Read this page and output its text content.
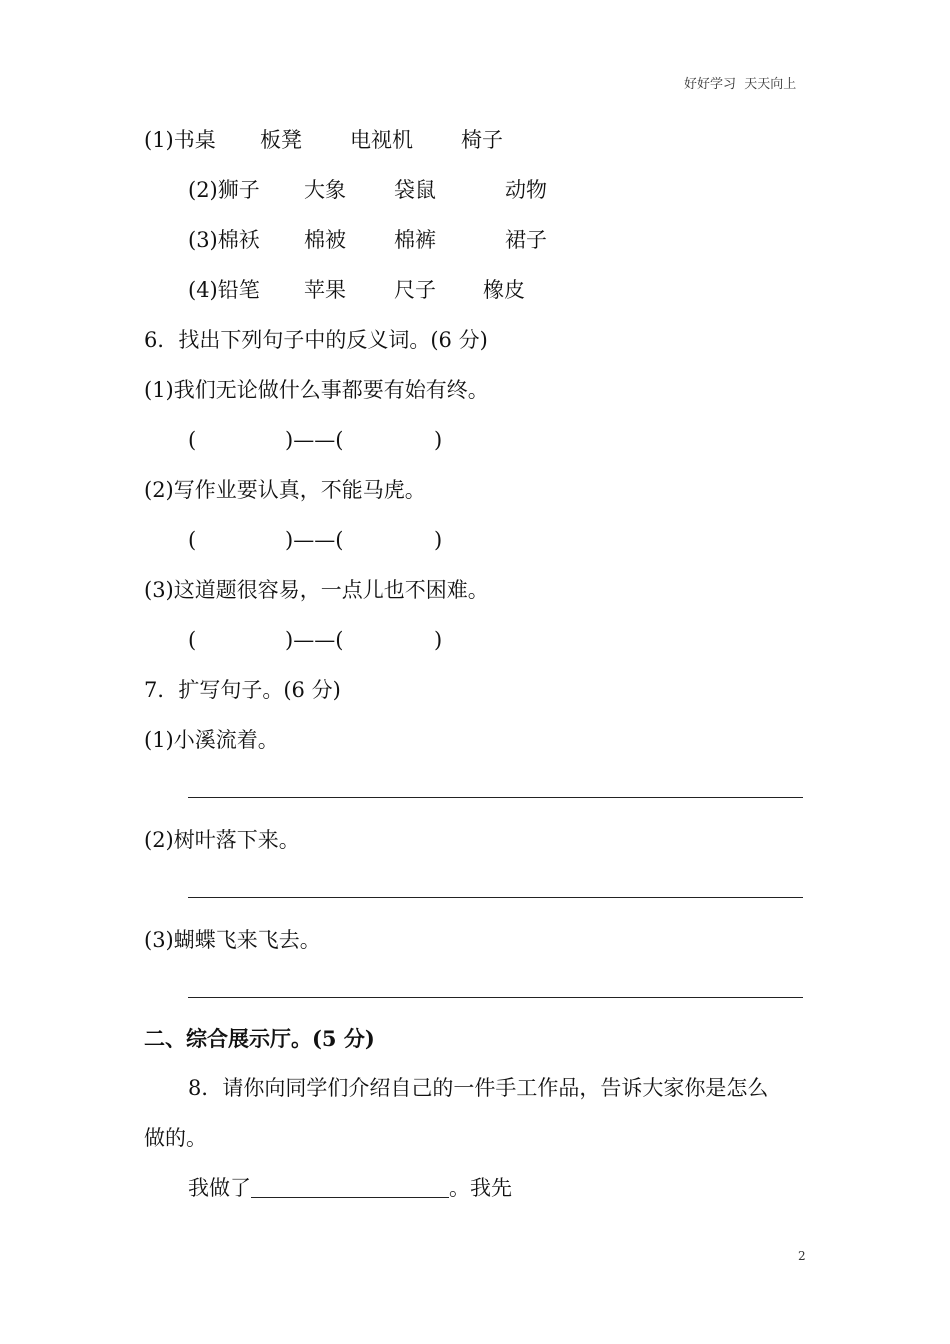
好好学习  天天向上
(1)书桌 板凳 电视机 椅子
(2)狮子 大象 袋鼠	动物
(3)棉袄 棉被 棉裤	裙子
(4)铅笔 苹果 尺子 橡皮
6．找出下列句子中的反义词。(6 分)
(1)我们无论做什么事都要有始有终。
(	)——(	)
(2)写作业要认真，不能马虎。
(	)——(	)
(3)这道题很容易，一点儿也不困难。
(	)——(	)
7．扩写句子。(6 分)
(1)小溪流着。
(2)树叶落下来。
(3)蝴蝶飞来飞去。
二、综合展示厅。(5 分)
8．请你向同学们介绍自己的一件手工作品，告诉大家你是怎么
做的。
我做了	。我先
2
